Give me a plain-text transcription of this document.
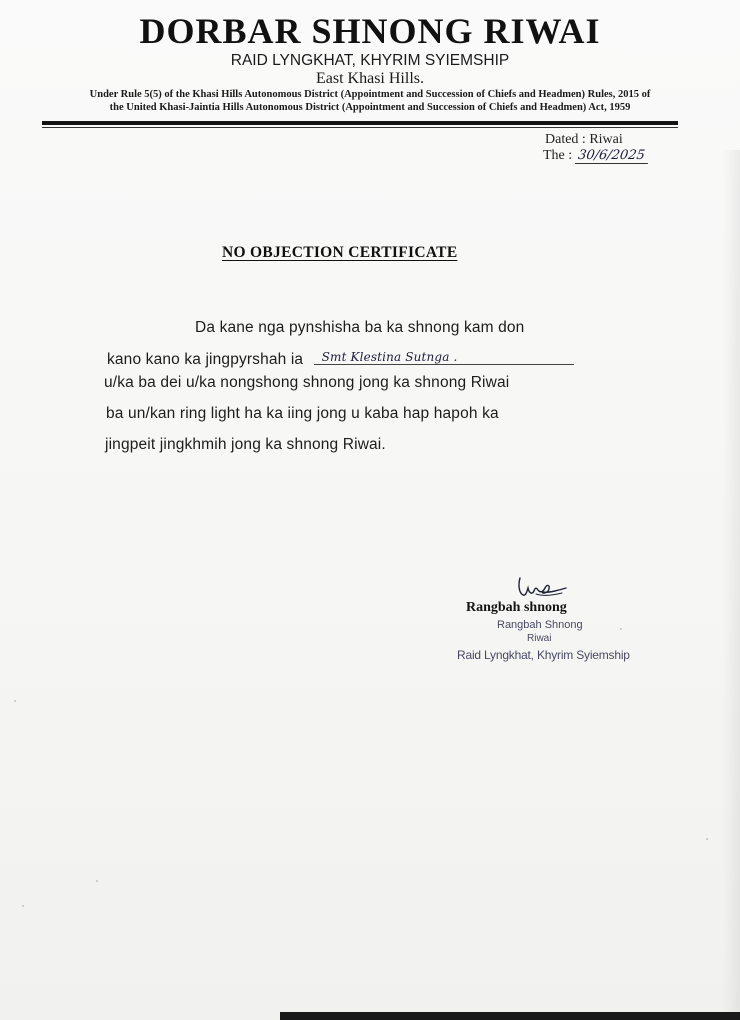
DORBAR SHNONG RIWAI
RAID LYNGKHAT, KHYRIM SYIEMSHIP
East Khasi Hills.
Under Rule 5(5) of the Khasi Hills Autonomous District (Appointment and Succession of Chiefs and Headmen) Rules, 2015 of
the United Khasi-Jaintia Hills Autonomous District (Appointment and Succession of Chiefs and Headmen) Act, 1959
Dated : Riwai
The : 30/6/2025
NO OBJECTION CERTIFICATE
Da kane nga pynshisha ba ka shnong kam don
kano kano ka jingpyrshah ia Smt Klestina Sutnga .
u/ka ba dei u/ka nongshong shnong jong ka shnong Riwai
ba un/kan ring light ha ka iing jong u kaba hap hapoh ka
jingpeit jingkhmih jong ka shnong Riwai.
Rangbah shnong
Rangbah Shnong
Riwai
Raid Lyngkhat, Khyrim Syiemship
